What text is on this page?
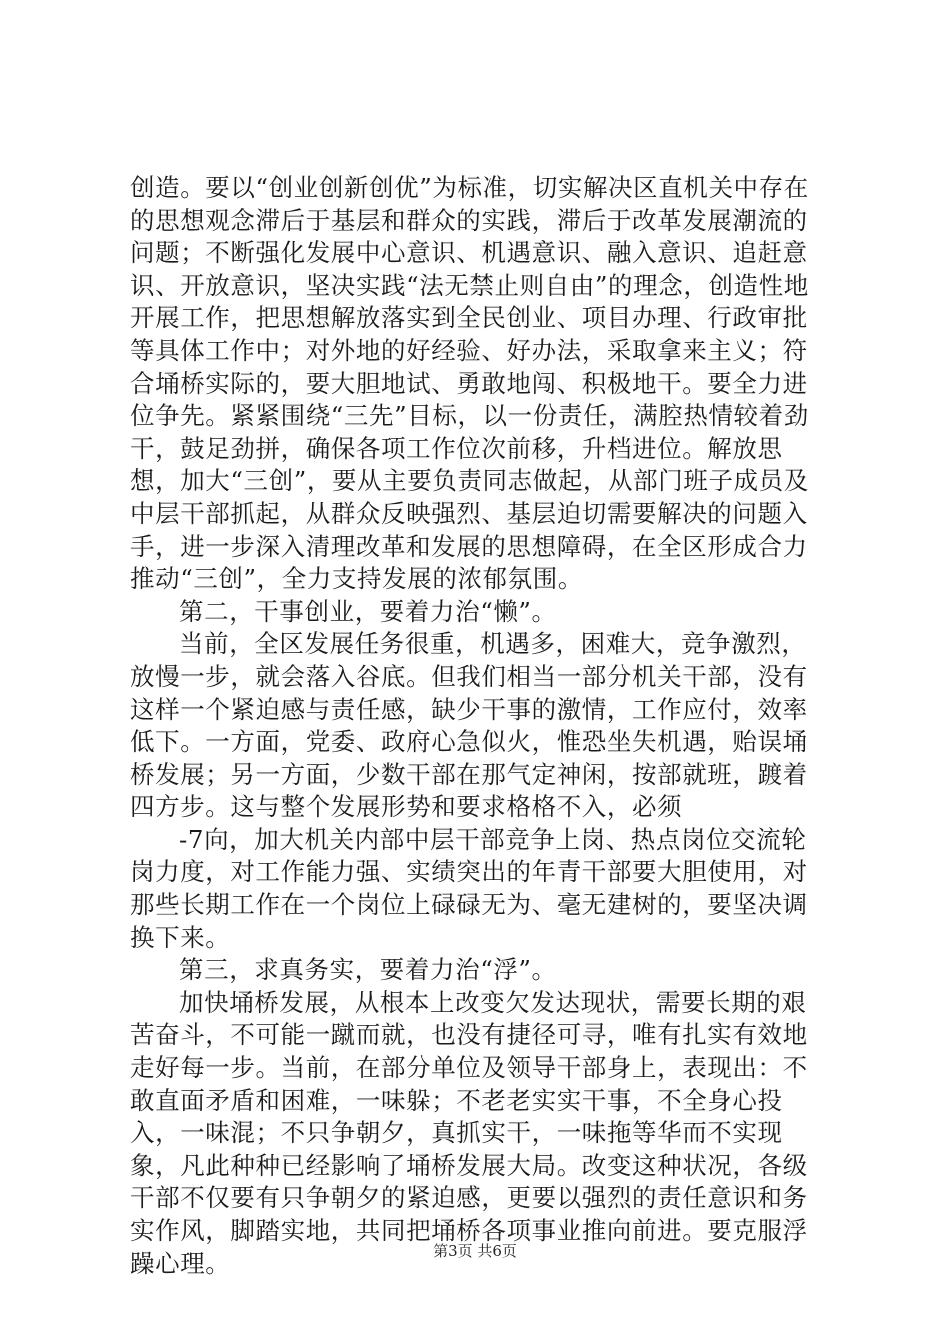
创造。要以“创业创新创优”为标准，切实解决区直机关中存在的思想观念滞后于基层和群众的实践，滞后于改革发展潮流的问题；不断强化发展中心意识、机遇意识、融入意识、追赶意识、开放意识，坚决实践“法无禁止则自由”的理念，创造性地开展工作，把思想解放落实到全民创业、项目办理、行政审批等具体工作中；对外地的好经验、好办法，采取拿来主义；符合埇桥实际的，要大胆地试、勇敢地闯、积极地干。要全力进位争先。紧紧围绕“三先”目标，以一份责任，满腔热情较着劲干，鼓足劲拼，确保各项工作位次前移，升档进位。解放思想，加大“三创”，要从主要负责同志做起，从部门班子成员及中层干部抓起，从群众反映强烈、基层迫切需要解决的问题入手，进一步深入清理改革和发展的思想障碍，在全区形成合力推动“三创”，全力支持发展的浓郁氛围。

第二，干事创业，要着力治“懒”。

当前，全区发展任务很重，机遇多，困难大，竞争激烈，放慢一步，就会落入谷底。但我们相当一部分机关干部，没有这样一个紧迫感与责任感，缺少干事的激情，工作应付，效率低下。一方面，党委、政府心急似火，惟恐坐失机遇，贻误埇桥发展；另一方面，少数干部在那气定神闲，按部就班，踱着四方步。这与整个发展形势和要求格格不入，必须

-7向，加大机关内部中层干部竞争上岗、热点岗位交流轮岗力度，对工作能力强、实绩突出的年青干部要大胆使用，对那些长期工作在一个岗位上碌碌无为、毫无建树的，要坚决调换下来。

第三，求真务实，要着力治“浮”。

加快埇桥发展，从根本上改变欠发达现状，需要长期的艰苦奋斗，不可能一蹴而就，也没有捷径可寻，唯有扎实有效地走好每一步。当前，在部分单位及领导干部身上，表现出：不敢直面矛盾和困难，一味躲；不老老实实干事，不全身心投入，一味混；不只争朝夕，真抓实干，一味拖等华而不实现象，凡此种种已经影响了埇桥发展大局。改变这种状况，各级干部不仅要有只争朝夕的紧迫感，更要以强烈的责任意识和务实作风，脚踏实地，共同把埇桥各项事业推向前进。要克服浮躁心理。	第3页 共6页
